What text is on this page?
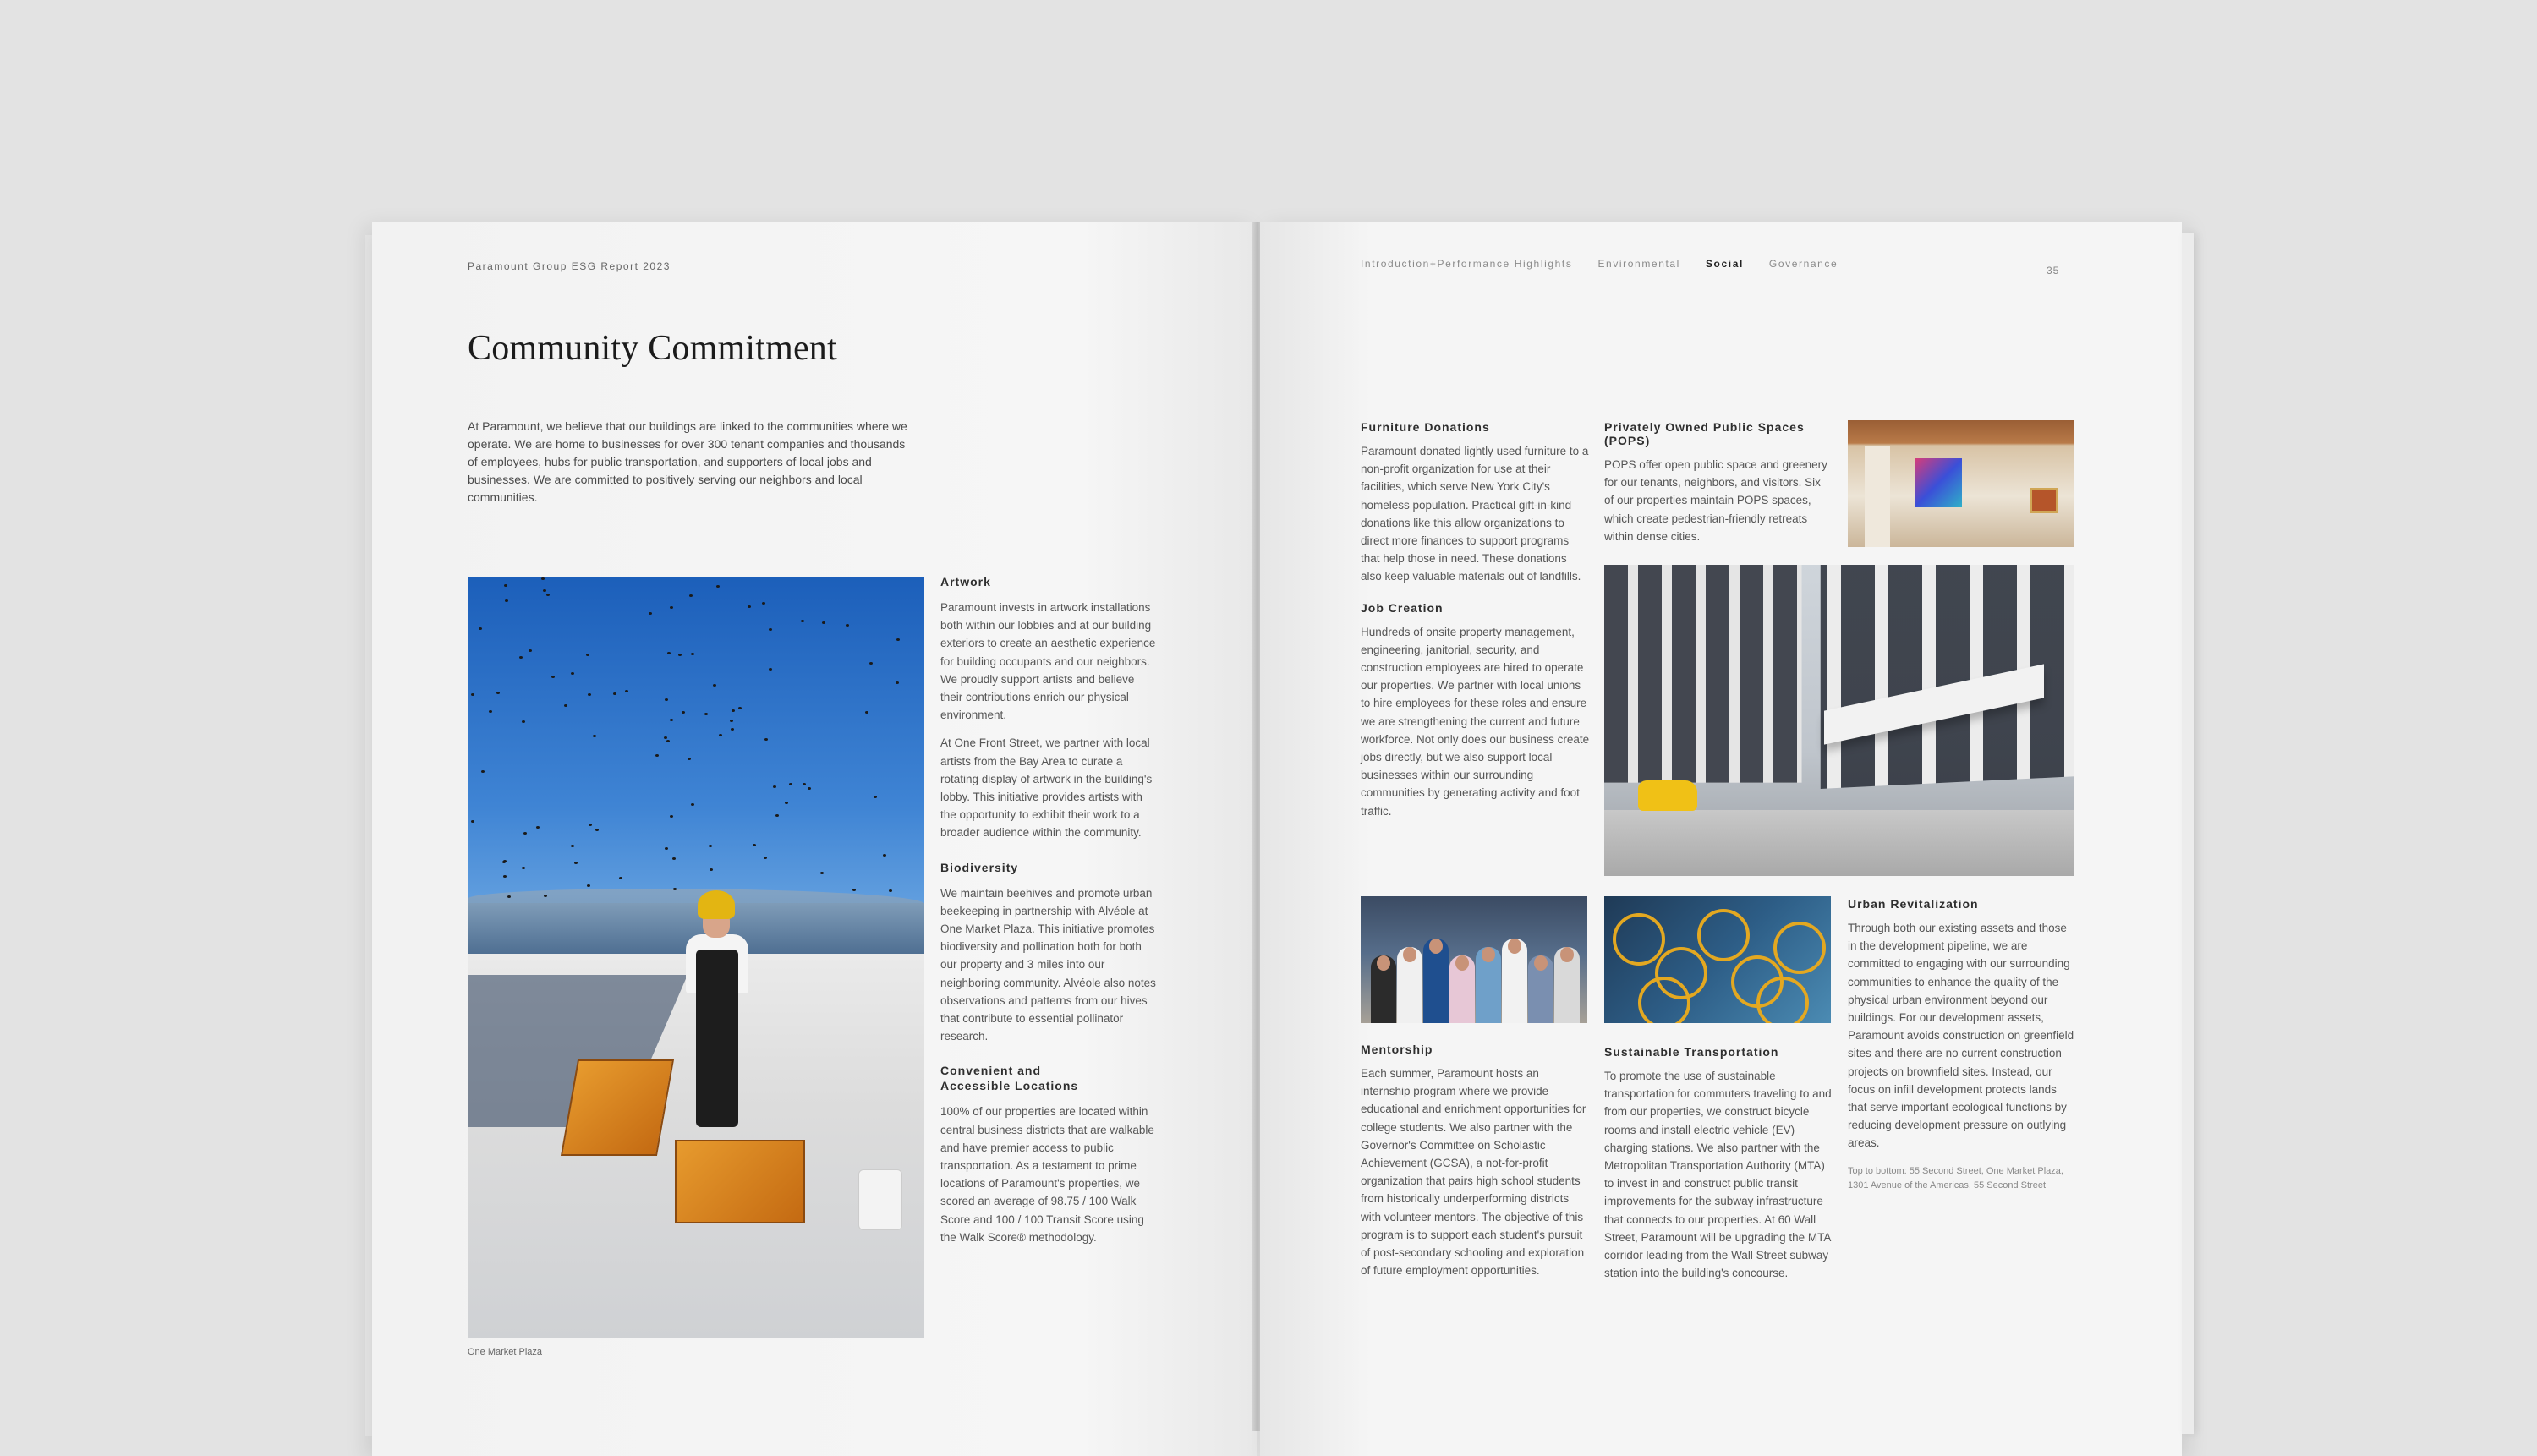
Paramount Group ESG Report 2023
Community Commitment
At Paramount, we believe that our buildings are linked to the communities where we operate. We are home to businesses for over 300 tenant companies and thousands of employees, hubs for public transportation, and supporters of local jobs and businesses. We are committed to positively serving our neighbors and local communities.
One Market Plaza
Artwork

Paramount invests in artwork installations both within our lobbies and at our building exteriors to create an aesthetic experience for building occupants and our neighbors. We proudly support artists and believe their contributions enrich our physical environment.

At One Front Street, we partner with local artists from the Bay Area to curate a rotating display of artwork in the building's lobby. This initiative provides artists with the opportunity to exhibit their work to a broader audience within the community.

Biodiversity

We maintain beehives and promote urban beekeeping in partnership with Alvéole at One Market Plaza. This initiative promotes biodiversity and pollination both for both our property and 3 miles into our neighboring community. Alvéole also notes observations and patterns from our hives that contribute to essential pollinator research.

Convenient and
Accessible Locations

100% of our properties are located within central business districts that are walkable and have premier access to public transportation. As a testament to prime locations of Paramount's properties, we scored an average of 98.75 / 100 Walk Score and 100 / 100 Transit Score using the Walk Score® methodology.

Introduction+Performance Highlights	Environmental	Social	Governance
35
Furniture Donations

Paramount donated lightly used furniture to a non-profit organization for use at their facilities, which serve New York City's homeless population. Practical gift-in-kind donations like this allow organizations to direct more finances to support programs that help those in need. These donations also keep valuable materials out of landfills.

Job Creation

Hundreds of onsite property management, engineering, janitorial, security, and construction employees are hired to operate our properties. We partner with local unions to hire employees for these roles and ensure we are strengthening the current and future workforce. Not only does our business create jobs directly, but we also support local businesses within our surrounding communities by generating activity and foot traffic.

Privately Owned Public Spaces
(POPS)

POPS offer open public space and greenery for our tenants, neighbors, and visitors. Six of our properties maintain POPS spaces, which create pedestrian-friendly retreats within dense cities.

Mentorship

Each summer, Paramount hosts an internship program where we provide educational and enrichment opportunities for college students. We also partner with the Governor's Committee on Scholastic Achievement (GCSA), a not-for-profit organization that pairs high school students from historically underperforming districts with volunteer mentors. The objective of this program is to support each student's pursuit of post-secondary schooling and exploration of future employment opportunities.

Sustainable Transportation

To promote the use of sustainable transportation for commuters traveling to and from our properties, we construct bicycle rooms and install electric vehicle (EV) charging stations. We also partner with the Metropolitan Transportation Authority (MTA) to invest in and construct public transit improvements for the subway infrastructure that connects to our properties. At 60 Wall Street, Paramount will be upgrading the MTA corridor leading from the Wall Street subway station into the building's concourse.

Urban Revitalization

Through both our existing assets and those in the development pipeline, we are committed to engaging with our surrounding communities to enhance the quality of the physical urban environment beyond our buildings. For our development assets, Paramount avoids construction on greenfield sites and there are no current construction projects on brownfield sites. Instead, our focus on infill development protects lands that serve important ecological functions by reducing development pressure on outlying areas.

Top to bottom: 55 Second Street, One Market Plaza, 1301 Avenue of the Americas, 55 Second Street
